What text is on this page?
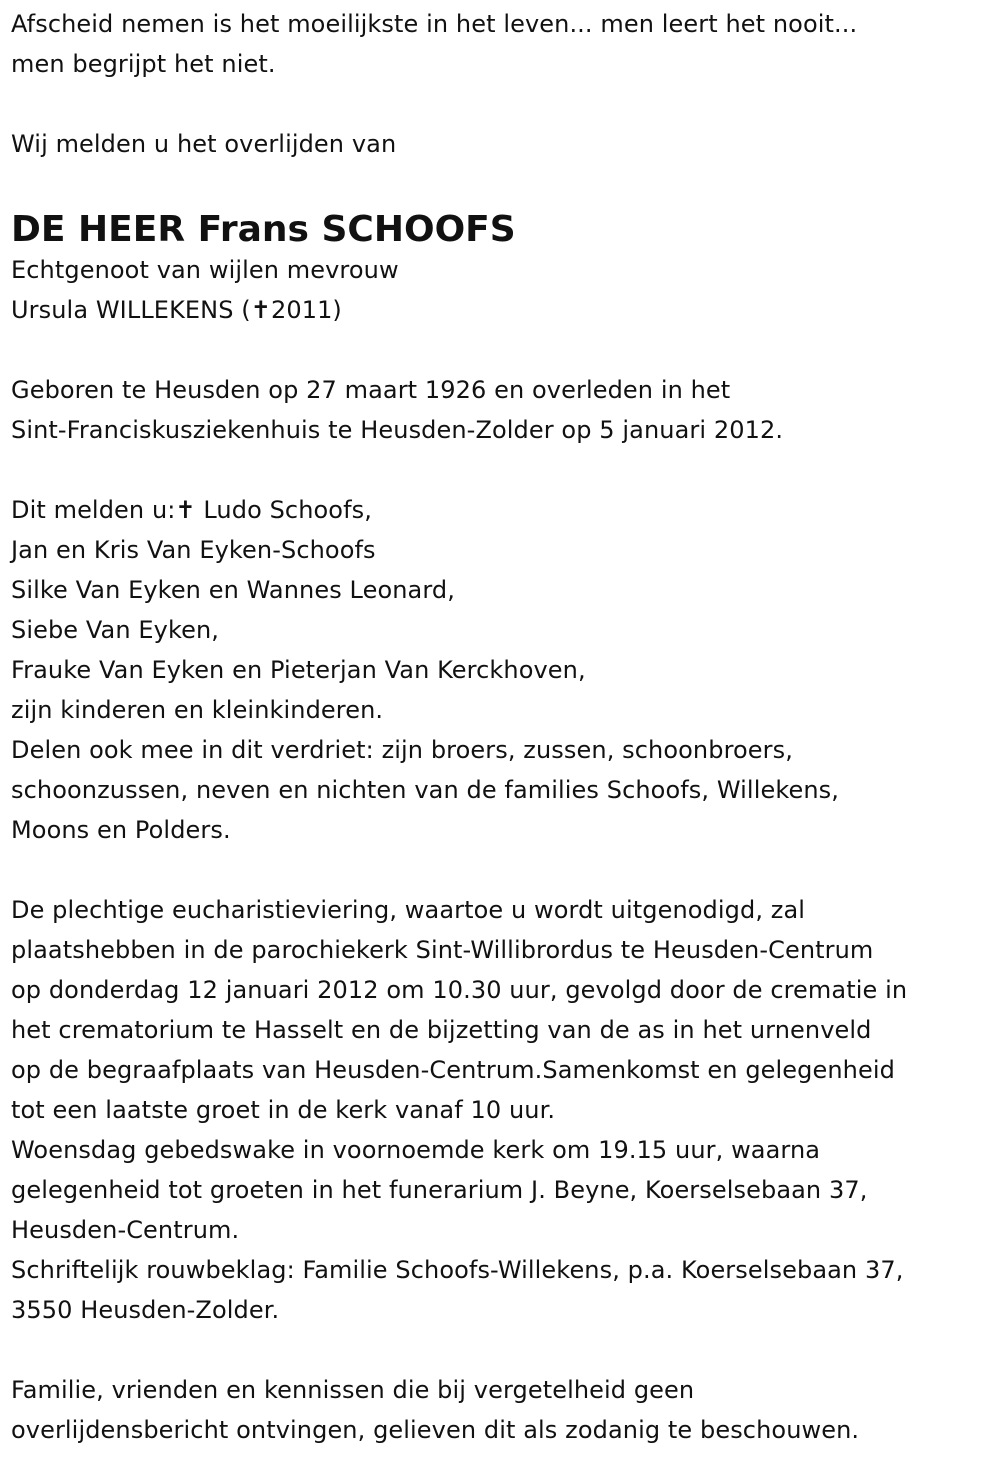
Afscheid nemen is het moeilijkste in het leven... men leert het nooit...
men begrijpt het niet.
Wij melden u het overlijden van
DE HEER Frans SCHOOFS
Echtgenoot van wijlen mevrouw
Ursula WILLEKENS (✝2011)
Geboren te Heusden op 27 maart 1926 en overleden in het
Sint-Franciskusziekenhuis te Heusden-Zolder op 5 januari 2012.
Dit melden u:✝ Ludo Schoofs,
Jan en Kris Van Eyken-Schoofs
Silke Van Eyken en Wannes Leonard,
Siebe Van Eyken,
Frauke Van Eyken en Pieterjan Van Kerckhoven,
zijn kinderen en kleinkinderen.
Delen ook mee in dit verdriet: zijn broers, zussen, schoonbroers,
schoonzussen, neven en nichten van de families Schoofs, Willekens,
Moons en Polders.
De plechtige eucharistieviering, waartoe u wordt uitgenodigd, zal
plaatshebben in de parochiekerk Sint-Willibrordus te Heusden-Centrum
op donderdag 12 januari 2012 om 10.30 uur, gevolgd door de crematie in
het crematorium te Hasselt en de bijzetting van de as in het urnenveld
op de begraafplaats van Heusden-Centrum.Samenkomst en gelegenheid
tot een laatste groet in de kerk vanaf 10 uur.
Woensdag gebedswake in voornoemde kerk om 19.15 uur, waarna
gelegenheid tot groeten in het funerarium J. Beyne, Koerselsebaan 37,
Heusden-Centrum.
Schriftelijk rouwbeklag: Familie Schoofs-Willekens, p.a. Koerselsebaan 37,
3550 Heusden-Zolder.
Familie, vrienden en kennissen die bij vergetelheid geen
overlijdensbericht ontvingen, gelieven dit als zodanig te beschouwen.
